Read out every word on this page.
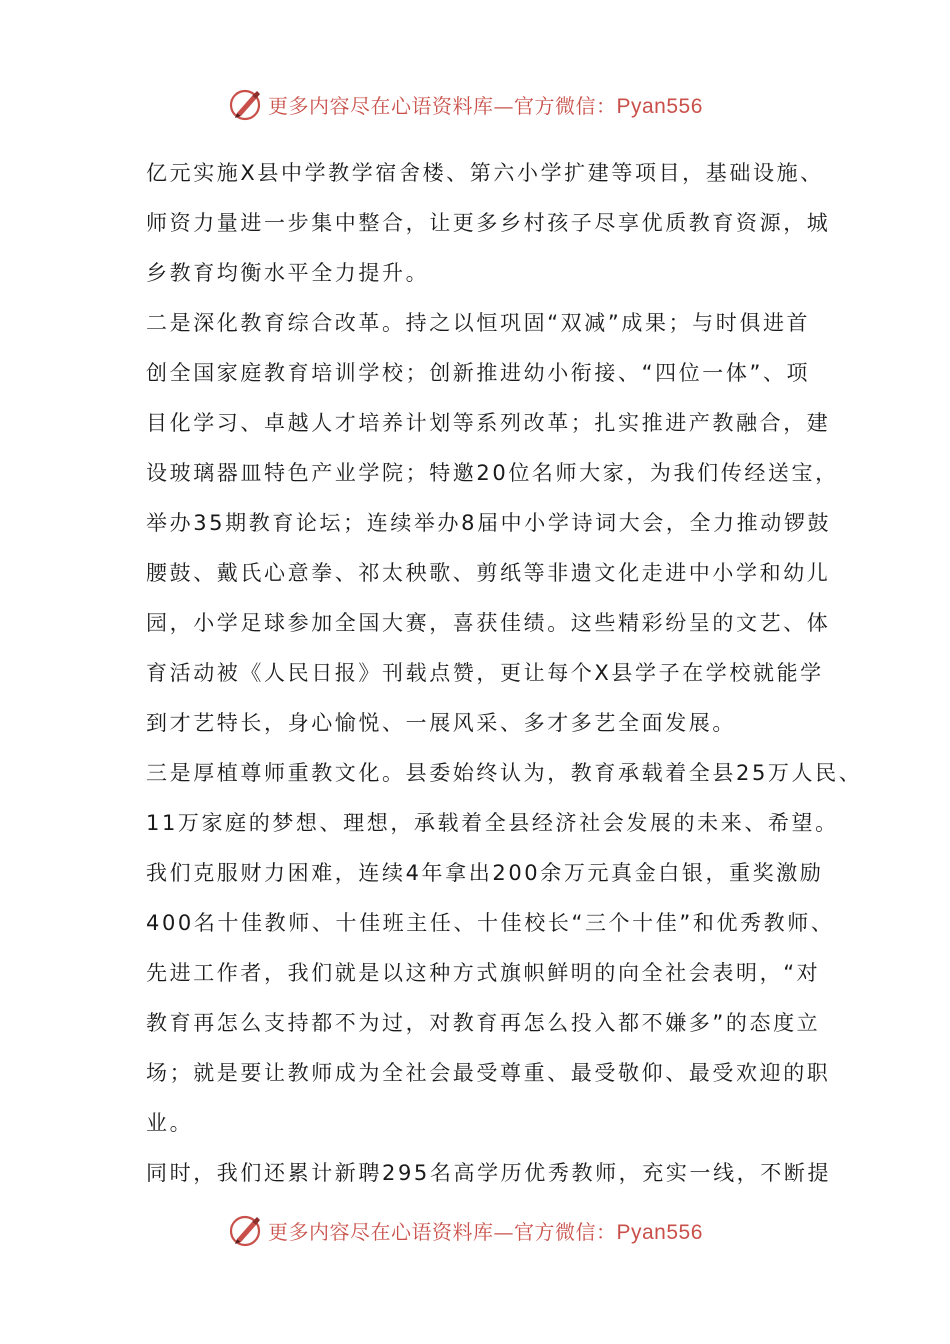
更多内容尽在心语资料库—官方微信：Pyan556

亿元实施X县中学教学宿舍楼、第六小学扩建等项目，基础设施、
师资力量进一步集中整合，让更多乡村孩子尽享优质教育资源，城
乡教育均衡水平全力提升。

二是深化教育综合改革。持之以恒巩固“双减”成果；与时俱进首
创全国家庭教育培训学校；创新推进幼小衔接、“四位一体”、项
目化学习、卓越人才培养计划等系列改革；扎实推进产教融合，建
设玻璃器皿特色产业学院；特邀20位名师大家，为我们传经送宝，
举办35期教育论坛；连续举办8届中小学诗词大会，全力推动锣鼓
腰鼓、戴氏心意拳、祁太秧歌、剪纸等非遗文化走进中小学和幼儿
园，小学足球参加全国大赛，喜获佳绩。这些精彩纷呈的文艺、体
育活动被《人民日报》刊载点赞，更让每个X县学子在学校就能学
到才艺特长，身心愉悦、一展风采、多才多艺全面发展。

三是厚植尊师重教文化。县委始终认为，教育承载着全县25万人民、
11万家庭的梦想、理想，承载着全县经济社会发展的未来、希望。
我们克服财力困难，连续4年拿出200余万元真金白银，重奖激励
400名十佳教师、十佳班主任、十佳校长“三个十佳”和优秀教师、
先进工作者，我们就是以这种方式旗帜鲜明的向全社会表明，“对
教育再怎么支持都不为过，对教育再怎么投入都不嫌多”的态度立
场；就是要让教师成为全社会最受尊重、最受敬仰、最受欢迎的职
业。

同时，我们还累计新聘295名高学历优秀教师，充实一线，不断提

更多内容尽在心语资料库—官方微信：Pyan556
